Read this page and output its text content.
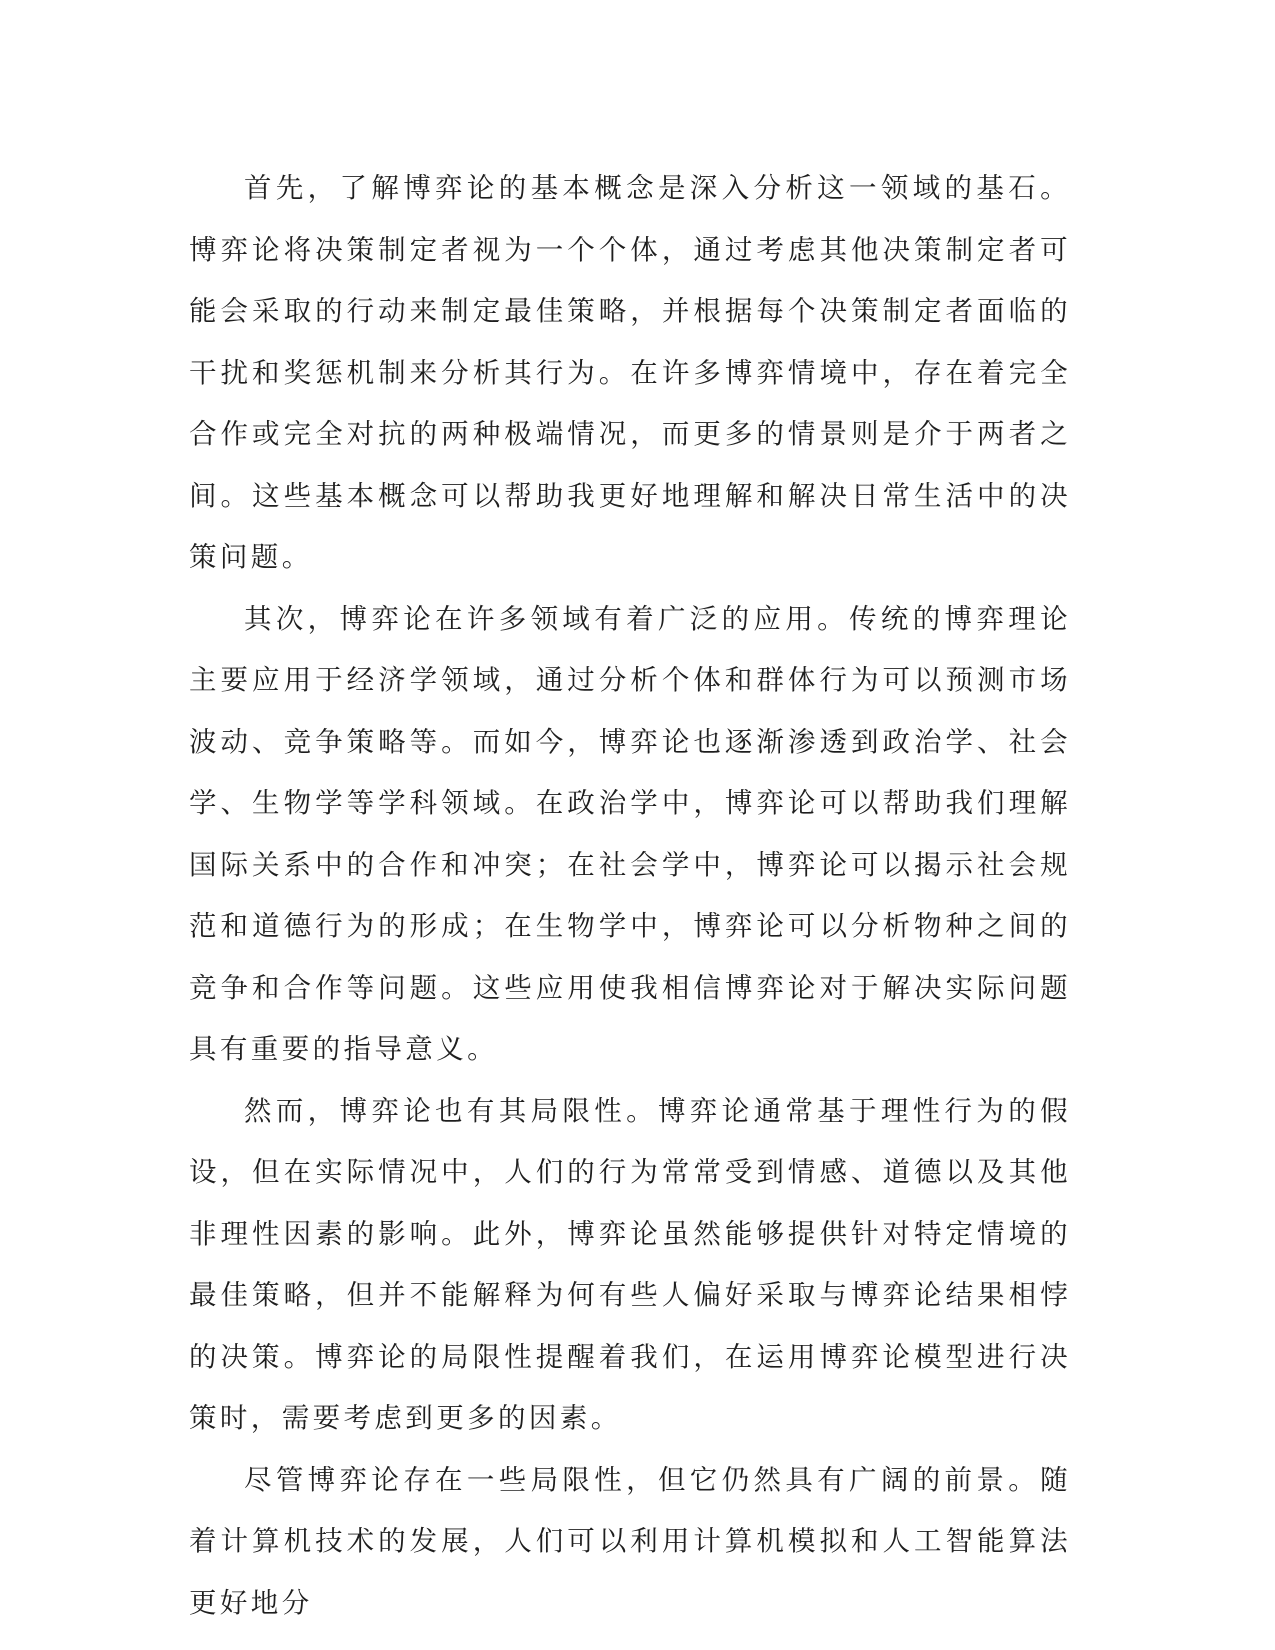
首先，了解博弈论的基本概念是深入分析这一领域的基石。博弈论将决策制定者视为一个个体，通过考虑其他决策制定者可能会采取的行动来制定最佳策略，并根据每个决策制定者面临的干扰和奖惩机制来分析其行为。在许多博弈情境中，存在着完全合作或完全对抗的两种极端情况，而更多的情景则是介于两者之间。这些基本概念可以帮助我更好地理解和解决日常生活中的决策问题。

其次，博弈论在许多领域有着广泛的应用。传统的博弈理论主要应用于经济学领域，通过分析个体和群体行为可以预测市场波动、竞争策略等。而如今，博弈论也逐渐渗透到政治学、社会学、生物学等学科领域。在政治学中，博弈论可以帮助我们理解国际关系中的合作和冲突；在社会学中，博弈论可以揭示社会规范和道德行为的形成；在生物学中，博弈论可以分析物种之间的竞争和合作等问题。这些应用使我相信博弈论对于解决实际问题具有重要的指导意义。

然而，博弈论也有其局限性。博弈论通常基于理性行为的假设，但在实际情况中，人们的行为常常受到情感、道德以及其他非理性因素的影响。此外，博弈论虽然能够提供针对特定情境的最佳策略，但并不能解释为何有些人偏好采取与博弈论结果相悖的决策。博弈论的局限性提醒着我们，在运用博弈论模型进行决策时，需要考虑到更多的因素。

尽管博弈论存在一些局限性，但它仍然具有广阔的前景。随着计算机技术的发展，人们可以利用计算机模拟和人工智能算法更好地分
